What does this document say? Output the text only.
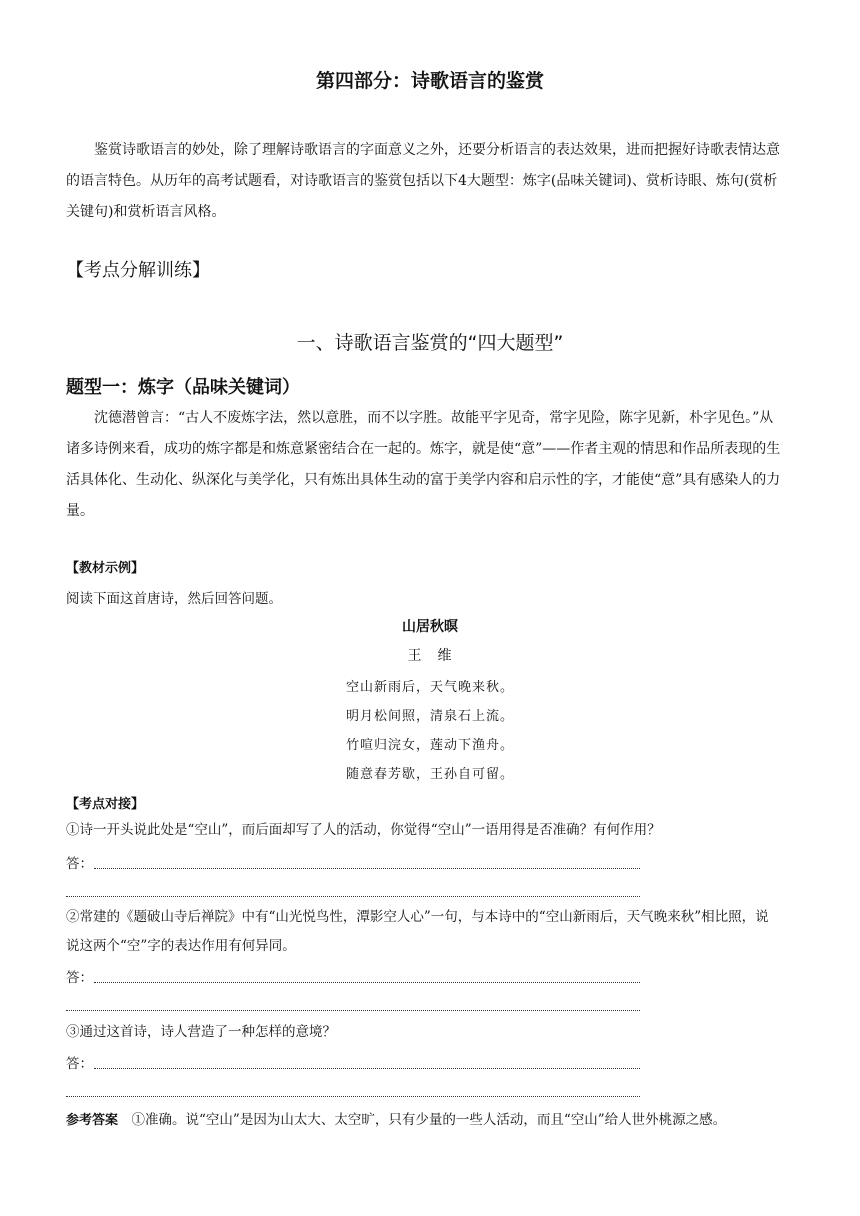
第四部分：诗歌语言的鉴赏
鉴赏诗歌语言的妙处，除了理解诗歌语言的字面意义之外，还要分析语言的表达效果，进而把握好诗歌表情达意的语言特色。从历年的高考试题看，对诗歌语言的鉴赏包括以下4大题型：炼字(品味关键词)、赏析诗眼、炼句(赏析关键句)和赏析语言风格。
【考点分解训练】
一、诗歌语言鉴赏的“四大题型”
题型一：炼字（品味关键词）
沈德潜曾言：“古人不废炼字法，然以意胜，而不以字胜。故能平字见奇，常字见险，陈字见新，朴字见色。”从诸多诗例来看，成功的炼字都是和炼意紧密结合在一起的。炼字，就是使“意”——作者主观的情思和作品所表现的生活具体化、生动化、纵深化与美学化，只有炼出具体生动的富于美学内容和启示性的字，才能使“意”具有感染人的力量。
【教材示例】
阅读下面这首唐诗，然后回答问题。
山居秋暝
王　维
空山新雨后，天气晚来秋。
明月松间照，清泉石上流。
竹喧归浣女，莲动下渔舟。
随意春芳歇，王孙自可留。
【考点对接】
①诗一开头说此处是“空山”，而后面却写了人的活动，你觉得“空山”一语用得是否准确？有何作用？
答：
②常建的《题破山寺后禅院》中有“山光悦鸟性，潭影空人心”一句，与本诗中的“空山新雨后，天气晚来秋”相比照，说说这两个“空”字的表达作用有何异同。
答：
③通过这首诗，诗人营造了一种怎样的意境？
答：
参考答案　 ①准确。说“空山”是因为山太大、太空旷，只有少量的一些人活动，而且“空山”给人世外桃源之感。
